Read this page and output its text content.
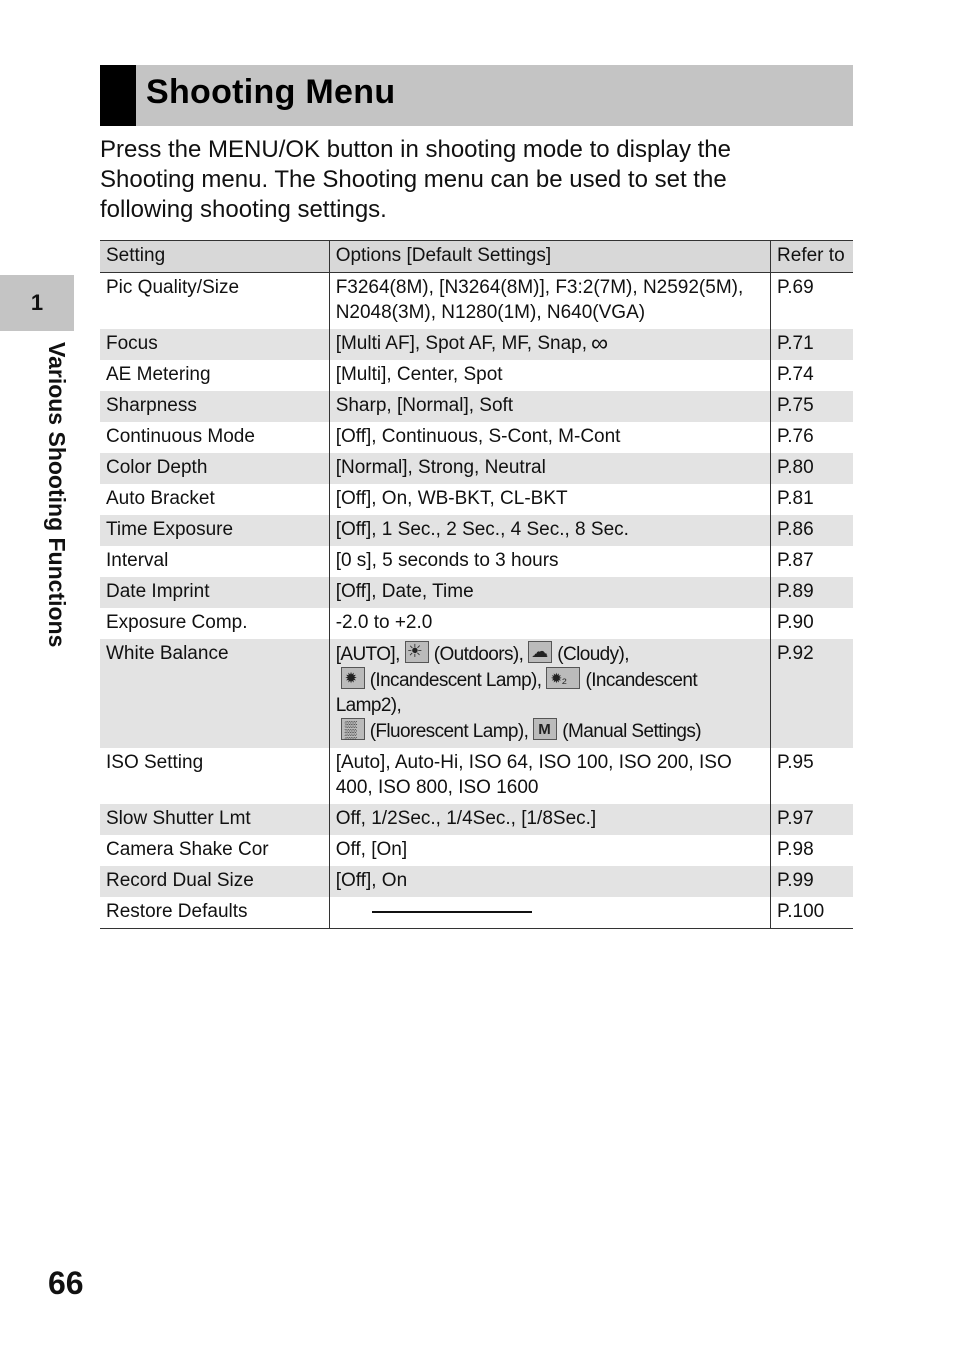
Shooting Menu
Press the MENU/OK button in shooting mode to display the Shooting menu. The Shooting menu can be used to set the following shooting settings.
1
Various Shooting Functions
Setting	Options [Default Settings]	Refer to
Pic Quality/Size	F3264(8M), [N3264(8M)], F3:2(7M), N2592(5M), N2048(3M), N1280(1M), N640(VGA)	P.69
Focus	[Multi AF], Spot AF, MF, Snap, ∞	P.71
AE Metering	[Multi], Center, Spot	P.74
Sharpness	Sharp, [Normal], Soft	P.75
Continuous Mode	[Off], Continuous, S-Cont, M-Cont	P.76
Color Depth	[Normal], Strong, Neutral	P.80
Auto Bracket	[Off], On, WB-BKT, CL-BKT	P.81
Time Exposure	[Off], 1 Sec., 2 Sec., 4 Sec., 8 Sec.	P.86
Interval	[0 s], 5 seconds to 3 hours	P.87
Date Imprint	[Off], Date, Time	P.89
Exposure Comp.	-2.0 to +2.0	P.90
White Balance	[AUTO], ☀ (Outdoors), ☁ (Cloudy),
✹(Incandescent Lamp), ✹₂ (Incandescent Lamp2),
▒(Fluorescent Lamp), M (Manual Settings)	P.92
ISO Setting	[Auto], Auto-Hi, ISO 64, ISO 100, ISO 200, ISO 400, ISO 800, ISO 1600	P.95
Slow Shutter Lmt	Off, 1/2Sec., 1/4Sec., [1/8Sec.]	P.97
Camera Shake Cor	Off, [On]	P.98
Record Dual Size	[Off], On	P.99
Restore Defaults		P.100
66
